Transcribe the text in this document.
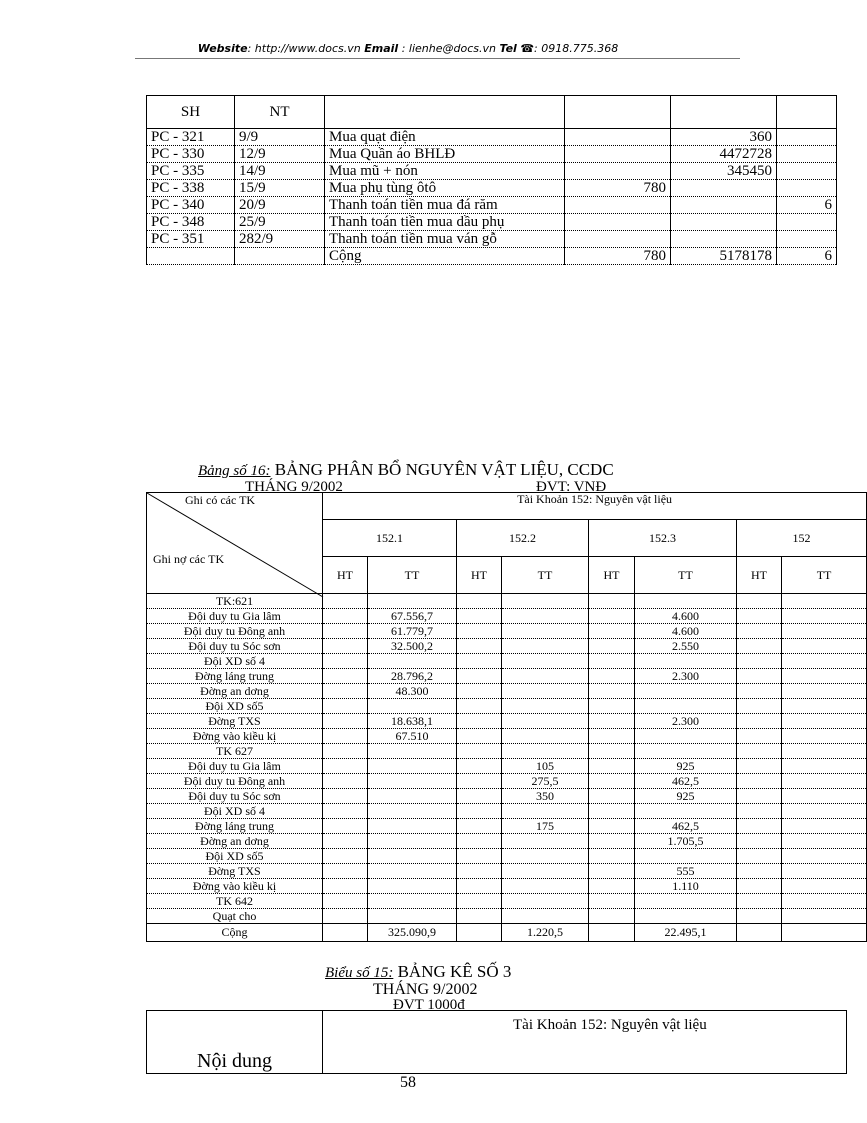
Website: http://www.docs.vn Email : lienhe@docs.vn Tel ☎: 0918.775.368
SH	NT				
PC - 321	9/9	Mua quạt điện		360	
PC - 330	12/9	Mua Quần áo BHLĐ		4472728	
PC - 335	14/9	Mua mũ + nón		345450	
PC - 338	15/9	Mua phụ tùng ôtô	780		
PC - 340	20/9	Thanh toán tiền mua đá răm			6
PC - 348	25/9	Thanh toán tiền mua dầu phụ			
PC - 351	282/9	Thanh toán tiền mua ván gỗ			
		Cộng	780	5178178	6
Bảng số 16: BẢNG PHÂN BỔ NGUYÊN VẬT LIỆU, CCDC
THÁNG 9/2002	ĐVT: VNĐ
Ghi có các TK
Ghi nợ các TK	Tài Khoản 152: Nguyên vật liệu							
	152.1		152.2		152.3		152	
	HT	TT	HT	TT	HT	TT	HT	TT
TK:621								
Đội duy tu Gia lâm		67.556,7				4.600		
Đội duy tu Đông anh		61.779,7				4.600		
Đội duy tu Sóc sơn		32.500,2				2.550		
Đội XD số 4								
Đờng láng trung		28.796,2				2.300		
Đờng an dơng		48.300						
Đội XD số5								
Đờng TXS		18.638,1				2.300		
Đờng vào kiều kị		67.510						
TK 627								
Đội duy tu Gia lâm				105		925		
Đội duy tu Đông anh				275,5		462,5		
Đội duy tu Sóc sơn				350		925		
Đội XD số 4								
Đờng láng trung				175		462,5		
Đờng an dơng						1.705,5		
Đội XD số5								
Đờng TXS						555		
Đờng vào kiều kị						1.110		
TK 642								
Quạt cho								
Cộng		325.090,9		1.220,5		22.495,1		
Biểu số 15: BẢNG KÊ SỐ 3
THÁNG 9/2002
ĐVT 1000đ
Nội dung	Tài Khoản 152: Nguyên vật liệu
58
